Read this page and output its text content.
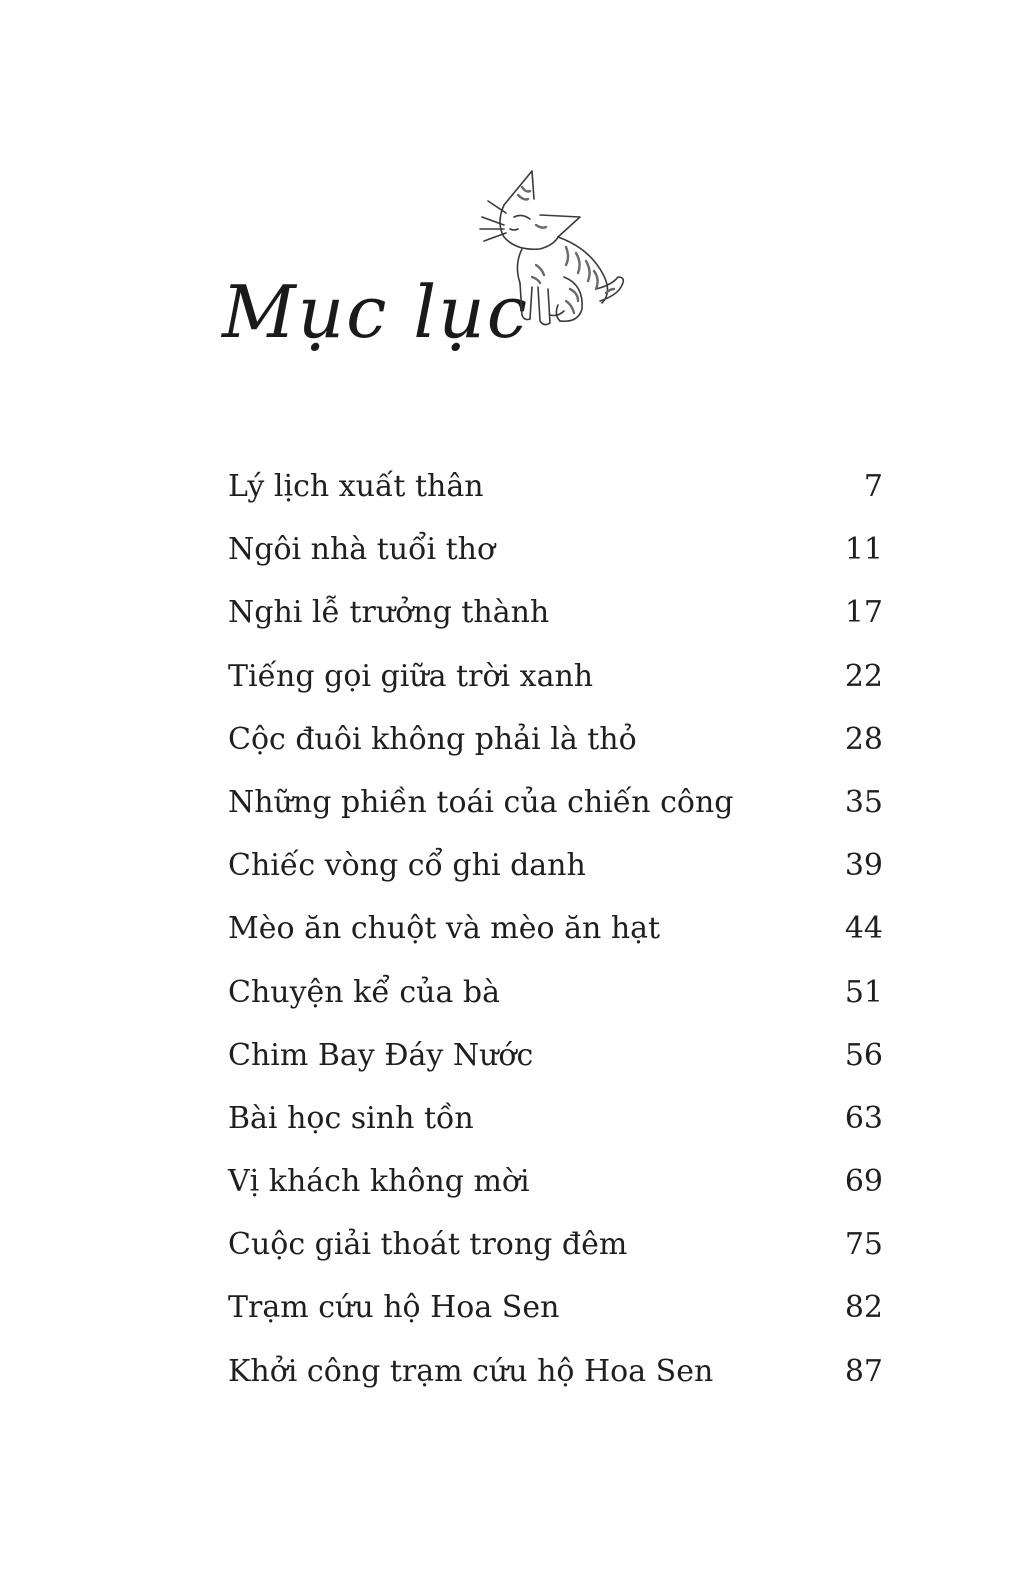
Mục lục
Lý lịch xuất thân	7
Ngôi nhà tuổi thơ	11
Nghi lễ trưởng thành	17
Tiếng gọi giữa trời xanh	22
Cộc đuôi không phải là thỏ	28
Những phiền toái của chiến công	35
Chiếc vòng cổ ghi danh	39
Mèo ăn chuột và mèo ăn hạt	44
Chuyện kể của bà	51
Chim Bay Đáy Nước	56
Bài học sinh tồn	63
Vị khách không mời	69
Cuộc giải thoát trong đêm	75
Trạm cứu hộ Hoa Sen	82
Khởi công trạm cứu hộ Hoa Sen	87
